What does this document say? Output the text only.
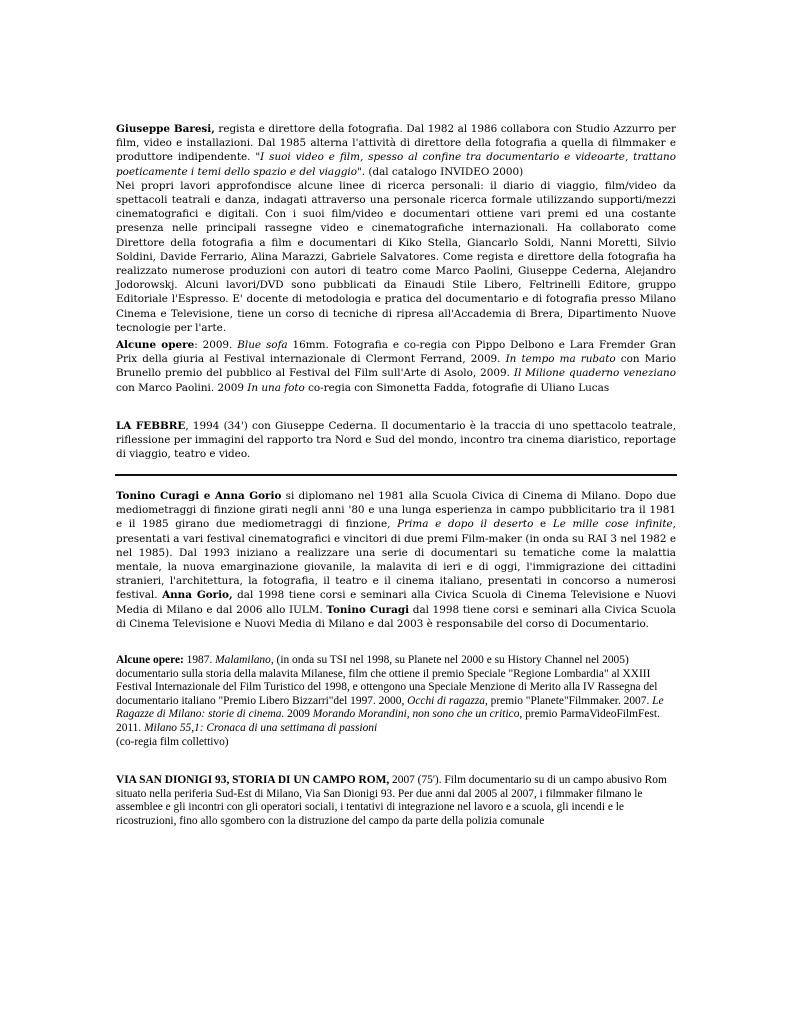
Giuseppe Baresi, regista e direttore della fotografia. Dal 1982 al 1986 collabora con Studio Azzurro per film, video e installazioni. Dal 1985 alterna l'attività di direttore della fotografia a quella di filmmaker e produttore indipendente. "I suoi video e film, spesso al confine tra documentario e videoarte, trattano poeticamente i temi dello spazio e del viaggio". (dal catalogo INVIDEO 2000)

Nei propri lavori approfondisce alcune linee di ricerca personali: il diario di viaggio, film/video da spettacoli teatrali e danza, indagati attraverso una personale ricerca formale utilizzando supporti/mezzi cinematografici e digitali. Con i suoi film/video e documentari ottiene vari premi ed una costante presenza nelle principali rassegne video e cinematografiche internazionali. Ha collaborato come Direttore della fotografia a film e documentari di Kiko Stella, Giancarlo Soldi, Nanni Moretti, Silvio Soldini, Davide Ferrario, Alina Marazzi, Gabriele Salvatores. Come regista e direttore della fotografia ha realizzato numerose produzioni con autori di teatro come Marco Paolini, Giuseppe Cederna, Alejandro Jodorowskj. Alcuni lavori/DVD sono pubblicati da Einaudi Stile Libero, Feltrinelli Editore, gruppo Editoriale l'Espresso. E' docente di metodologia e pratica del documentario e di fotografia presso Milano Cinema e Televisione, tiene un corso di tecniche di ripresa all'Accademia di Brera, Dipartimento Nuove tecnologie per l'arte.

Alcune opere: 2009. Blue sofa 16mm. Fotografia e co-regia con Pippo Delbono e Lara Fremder Gran Prix della giuria al Festival internazionale di Clermont Ferrand, 2009. In tempo ma rubato con Mario Brunello premio del pubblico al Festival del Film sull'Arte di Asolo, 2009. Il Milione quaderno veneziano con Marco Paolini. 2009 In una foto co-regia con Simonetta Fadda, fotografie di Uliano Lucas

LA FEBBRE, 1994 (34') con Giuseppe Cederna. Il documentario è la traccia di uno spettacolo teatrale, riflessione per immagini del rapporto tra Nord e Sud del mondo, incontro tra cinema diaristico, reportage di viaggio, teatro e video.

Tonino Curagi e Anna Gorio si diplomano nel 1981 alla Scuola Civica di Cinema di Milano. Dopo due mediometraggi di finzione girati negli anni '80 e una lunga esperienza in campo pubblicitario tra il 1981 e il 1985 girano due mediometraggi di finzione, Prima e dopo il deserto e Le mille cose infinite, presentati a vari festival cinematografici e vincitori di due premi Film-maker (in onda su RAI 3 nel 1982 e nel 1985). Dal 1993 iniziano a realizzare una serie di documentari su tematiche come la malattia mentale, la nuova emarginazione giovanile, la malavita di ieri e di oggi, l'immigrazione dei cittadini stranieri, l'architettura, la fotografia, il teatro e il cinema italiano, presentati in concorso a numerosi festival. Anna Gorio, dal 1998 tiene corsi e seminari alla Civica Scuola di Cinema Televisione e Nuovi Media di Milano e dal 2006 allo IULM. Tonino Curagi dal 1998 tiene corsi e seminari alla Civica Scuola di Cinema Televisione e Nuovi Media di Milano e dal 2003 è responsabile del corso di Documentario.

Alcune opere: 1987. Malamilano, (in onda su TSI nel 1998, su Planete nel 2000 e su History Channel nel 2005) documentario sulla storia della malavita Milanese, film che ottiene il premio Speciale "Regione Lombardia" al XXIII Festival Internazionale del Film Turistico del 1998, e ottengono una Speciale Menzione di Merito alla IV Rassegna del documentario italiano "Premio Libero Bizzarri"del 1997. 2000, Occhi di ragazza, premio "Planete"Filmmaker. 2007. Le Ragazze di Milano: storie di cinema. 2009 Morando Morandini, non sono che un critico, premio ParmaVideoFilmFest. 2011. Milano 55,1: Cronaca di una settimana di passioni
(co-regia film collettivo)

VIA SAN DIONIGI 93, STORIA DI UN CAMPO ROM, 2007 (75'). Film documentario su di un campo abusivo Rom situato nella periferia Sud-Est di Milano, Via San Dionigi 93. Per due anni dal 2005 al 2007, i filmmaker filmano le assemblee e gli incontri con gli operatori sociali, i tentativi di integrazione nel lavoro e a scuola, gli incendi e le ricostruzioni, fino allo sgombero con la distruzione del campo da parte della polizia comunale
